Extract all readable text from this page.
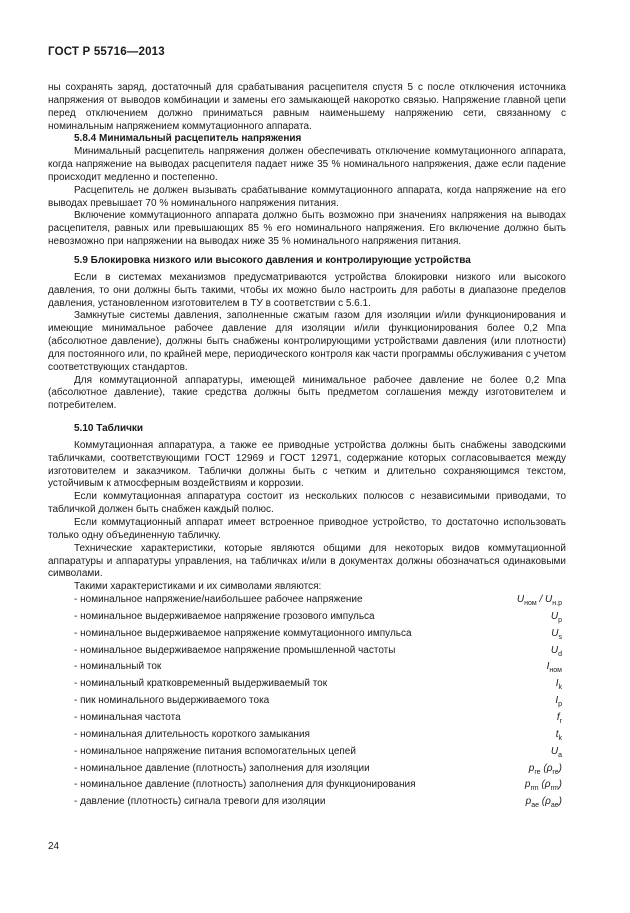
ГОСТ Р 55716—2013

ны сохранять заряд, достаточный для срабатывания расцепителя спустя 5 с после отключения источника напряжения от выводов комбинации и замены его замыкающей накоротко связью. Напряжение главной цепи перед отключением должно приниматься равным наименьшему напряжению сети, связанному с номинальным напряжением коммутационного аппарата.

5.8.4 Минимальный расцепитель напряжения

Минимальный расцепитель напряжения должен обеспечивать отключение коммутационного аппарата, когда напряжение на выводах расцепителя падает ниже 35 % номинального напряжения, даже если падение происходит медленно и постепенно.

Расцепитель не должен вызывать срабатывание коммутационного аппарата, когда напряжение на его выводах превышает 70 % номинального напряжения питания.

Включение коммутационного аппарата должно быть возможно при значениях напряжения на выводах расцепителя, равных или превышающих 85 % его номинального напряжения. Его включение должно быть невозможно при напряжении на выводах ниже 35 % номинального напряжения питания.

5.9 Блокировка низкого или высокого давления и контролирующие устройства

Если в системах механизмов предусматриваются устройства блокировки низкого или высокого давления, то они должны быть такими, чтобы их можно было настроить для работы в диапазоне пределов давления, установленном изготовителем в ТУ в соответствии с 5.6.1.

Замкнутые системы давления, заполненные сжатым газом для изоляции и/или функционирования и имеющие минимальное рабочее давление для изоляции и/или функционирования более 0,2 Мпа (абсолютное давление), должны быть снабжены контролирующими устройствами давления (или плотности) для постоянного или, по крайней мере, периодического контроля как части программы обслуживания с учетом соответствующих стандартов.

Для коммутационной аппаратуры, имеющей минимальное рабочее давление не более 0,2 Мпа (абсолютное давление), такие средства должны быть предметом соглашения между изготовителем и потребителем.

5.10 Таблички

Коммутационная аппаратура, а также ее приводные устройства должны быть снабжены заводскими табличками, соответствующими ГОСТ 12969 и ГОСТ 12971, содержание которых согласовывается между изготовителем и заказчиком. Таблички должны быть с четким и длительно сохраняющимся текстом, устойчивым к атмосферным воздействиям и коррозии.

Если коммутационная аппаратура состоит из нескольких полюсов с независимыми приводами, то табличкой должен быть снабжен каждый полюс.

Если коммутационный аппарат имеет встроенное приводное устройство, то достаточно использовать только одну объединенную табличку.

Технические характеристики, которые являются общими для некоторых видов коммутационной аппаратуры и аппаратуры управления, на табличках и/или в документах должны обозначаться одинаковыми символами.

Такими характеристиками и их символами являются:

- номинальное напряжение/наибольшее рабочее напряжение	$U_{ном} / U_{н.р}$
- номинальное выдерживаемое напряжение грозового импульса	$U_p$
- номинальное выдерживаемое напряжение коммутационного импульса	$U_s$
- номинальное выдерживаемое напряжение промышленной частоты	$U_d$
- номинальный ток	$I_{ном}$
- номинальный кратковременный выдерживаемый ток	$I_k$
- пик номинального выдерживаемого тока	$I_p$
- номинальная частота	$f_r$
- номинальная длительность короткого замыкания	$t_k$
- номинальное напряжение питания вспомогательных цепей	$U_a$
- номинальное давление (плотность) заполнения для изоляции	$p_{re}$ $(\rho_{re})$
- номинальное давление (плотность) заполнения для функционирования	$p_{rm}$ $(\rho_{rm})$
- давление (плотность) сигнала тревоги для изоляции	$p_{ae}$ $(\rho_{ae})$
24
